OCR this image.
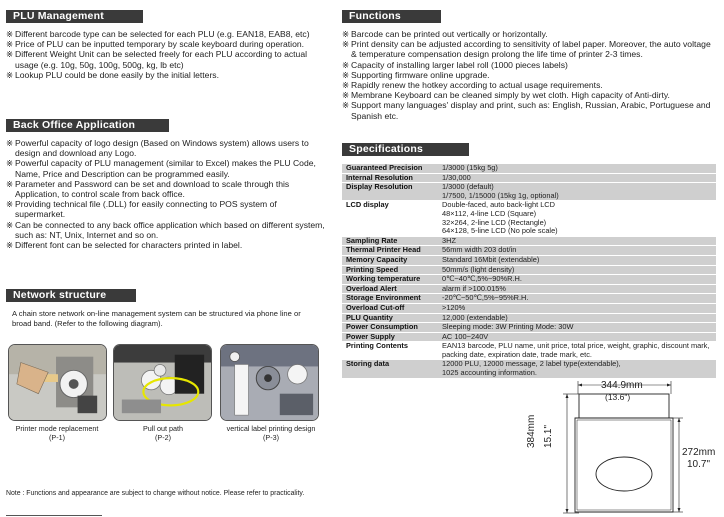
PLU Management
※ Different barcode type can be selected for each PLU (e.g. EAN18, EAB8, etc)
※ Price of PLU can be inputted temporary by scale keyboard during operation.
※ Different Weight Unit can be selected freely for each PLU according to actual usage (e.g. 10g, 50g, 100g, 500g, kg, lb etc)
※ Lookup PLU could be done easily by the initial letters.
Back Office Application
※ Powerful capacity of logo design (Based on Windows system) allows users to design and download any Logo.
※ Powerful capacity of PLU management (similar to Excel) makes the PLU Code, Name, Price and Description can be programmed easily.
※ Parameter and Password can be set and download to scale through this Application, to control scale from back office.
※ Providing technical file (.DLL) for easily connecting to POS system of supermarket.
※ Can be connected to any back office application which based on different system, such as: NT, Unix, Internet and so on.
※ Different font can be selected for characters printed in label.
Network structure
A chain store network on-line management system can be structured via phone line or broad band. (Refer to the following diagram).
Printer mode replacement
(P-1)
Pull out path
(P-2)
vertical label printing design
(P-3)
Note : Functions and appearance are subject to change without notice. Please refer to practicality.
Functions
※ Barcode can be printed out vertically or horizontally.
※ Print density can be adjusted according to sensitivity of label paper. Moreover, the auto voltage & temperature compensation design prolong the life time of printer 2-3 times.
※ Capacity of installing larger label roll (1000 pieces labels)
※ Supporting firmware online upgrade.
※ Rapidly renew the hotkey according to actual usage requirements.
※ Membrane Keyboard can be cleaned simply by wet cloth. High capacity of Anti-dirty.
※ Support many languages' display and print, such as: English, Russian, Arabic, Portuguese and Spanish etc.
Specifications
Guaranteed Precision	1/3000 (15kg 5g)

Internal Resolution	1/30,000

Display Resolution	1/3000 (default)
1/7500, 1/15000 (15kg 1g, optional)

LCD display	Double-faced, auto back-light LCD
48×112, 4-line LCD (Square)
32×264, 2-line LCD (Rectangle)
64×128, 5-line LCD (No pole scale)

Sampling Rate	3HZ

Thermal Printer Head	56mm width 203 dot/in

Memory Capacity	Standard 16Mbit (extendable)

Printing Speed	50mm/s (light density)

Working temperature	0℃~40℃,5%~90%R.H.

Overload Alert	alarm if >100.015%

Storage Environment	-20℃~50℃,5%~95%R.H.

Overload Cut-off	>120%

PLU Quantity	12,000 (extendable)

Power Consumption	Sleeping mode: 3W Printing Mode: 30W

Power Supply	AC 100~240V

Printing Contents	EAN13 barcode, PLU name, unit price, total price, weight, graphic, discount mark, packing date, expiration date, trade mark, etc.

Storing data	12000 PLU, 12000 message, 2 label type(extendable),
1025 accounting information.
344.9mm
(13.6")
384mm 15.1"
272mm
10.7"
